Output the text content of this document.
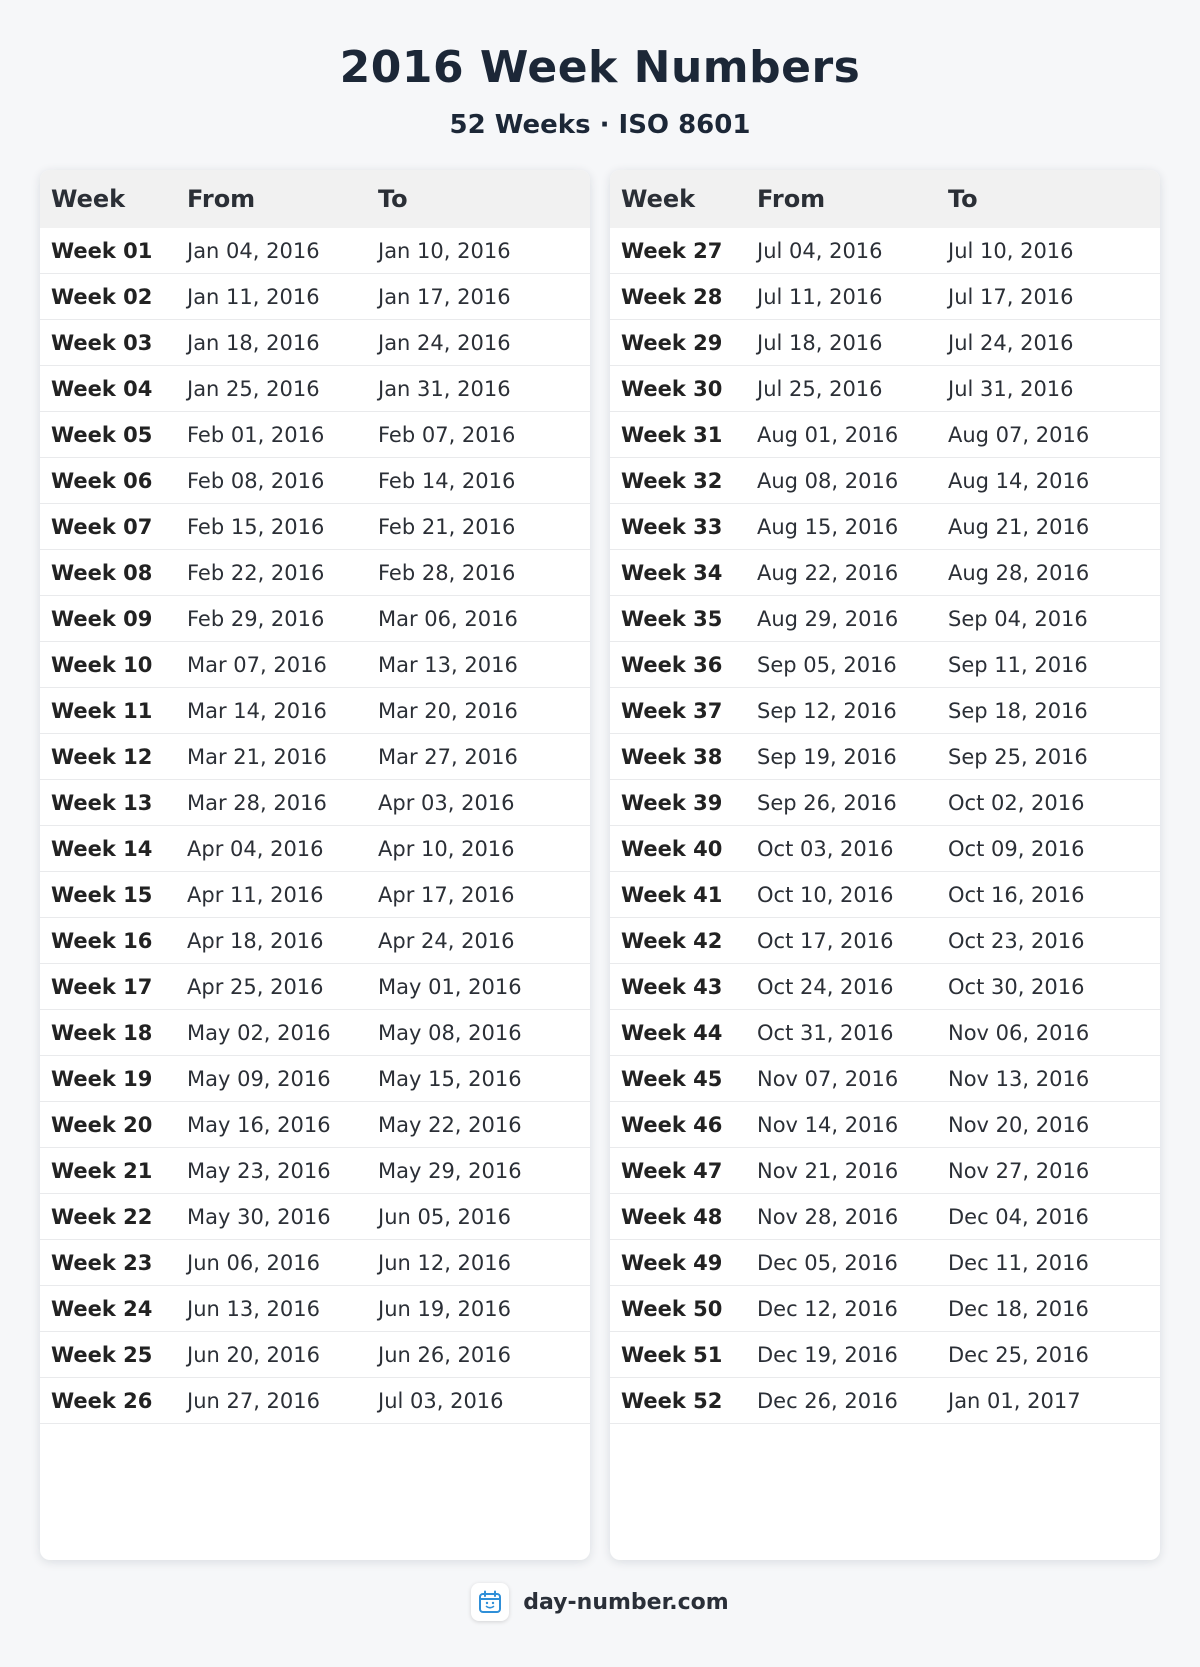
2016 Week Numbers
52 Weeks · ISO 8601
Week	From	To
Week 01	Jan 04, 2016	Jan 10, 2016
Week 02	Jan 11, 2016	Jan 17, 2016
Week 03	Jan 18, 2016	Jan 24, 2016
Week 04	Jan 25, 2016	Jan 31, 2016
Week 05	Feb 01, 2016	Feb 07, 2016
Week 06	Feb 08, 2016	Feb 14, 2016
Week 07	Feb 15, 2016	Feb 21, 2016
Week 08	Feb 22, 2016	Feb 28, 2016
Week 09	Feb 29, 2016	Mar 06, 2016
Week 10	Mar 07, 2016	Mar 13, 2016
Week 11	Mar 14, 2016	Mar 20, 2016
Week 12	Mar 21, 2016	Mar 27, 2016
Week 13	Mar 28, 2016	Apr 03, 2016
Week 14	Apr 04, 2016	Apr 10, 2016
Week 15	Apr 11, 2016	Apr 17, 2016
Week 16	Apr 18, 2016	Apr 24, 2016
Week 17	Apr 25, 2016	May 01, 2016
Week 18	May 02, 2016	May 08, 2016
Week 19	May 09, 2016	May 15, 2016
Week 20	May 16, 2016	May 22, 2016
Week 21	May 23, 2016	May 29, 2016
Week 22	May 30, 2016	Jun 05, 2016
Week 23	Jun 06, 2016	Jun 12, 2016
Week 24	Jun 13, 2016	Jun 19, 2016
Week 25	Jun 20, 2016	Jun 26, 2016
Week 26	Jun 27, 2016	Jul 03, 2016
Week	From	To
Week 27	Jul 04, 2016	Jul 10, 2016
Week 28	Jul 11, 2016	Jul 17, 2016
Week 29	Jul 18, 2016	Jul 24, 2016
Week 30	Jul 25, 2016	Jul 31, 2016
Week 31	Aug 01, 2016	Aug 07, 2016
Week 32	Aug 08, 2016	Aug 14, 2016
Week 33	Aug 15, 2016	Aug 21, 2016
Week 34	Aug 22, 2016	Aug 28, 2016
Week 35	Aug 29, 2016	Sep 04, 2016
Week 36	Sep 05, 2016	Sep 11, 2016
Week 37	Sep 12, 2016	Sep 18, 2016
Week 38	Sep 19, 2016	Sep 25, 2016
Week 39	Sep 26, 2016	Oct 02, 2016
Week 40	Oct 03, 2016	Oct 09, 2016
Week 41	Oct 10, 2016	Oct 16, 2016
Week 42	Oct 17, 2016	Oct 23, 2016
Week 43	Oct 24, 2016	Oct 30, 2016
Week 44	Oct 31, 2016	Nov 06, 2016
Week 45	Nov 07, 2016	Nov 13, 2016
Week 46	Nov 14, 2016	Nov 20, 2016
Week 47	Nov 21, 2016	Nov 27, 2016
Week 48	Nov 28, 2016	Dec 04, 2016
Week 49	Dec 05, 2016	Dec 11, 2016
Week 50	Dec 12, 2016	Dec 18, 2016
Week 51	Dec 19, 2016	Dec 25, 2016
Week 52	Dec 26, 2016	Jan 01, 2017
day-number.com
